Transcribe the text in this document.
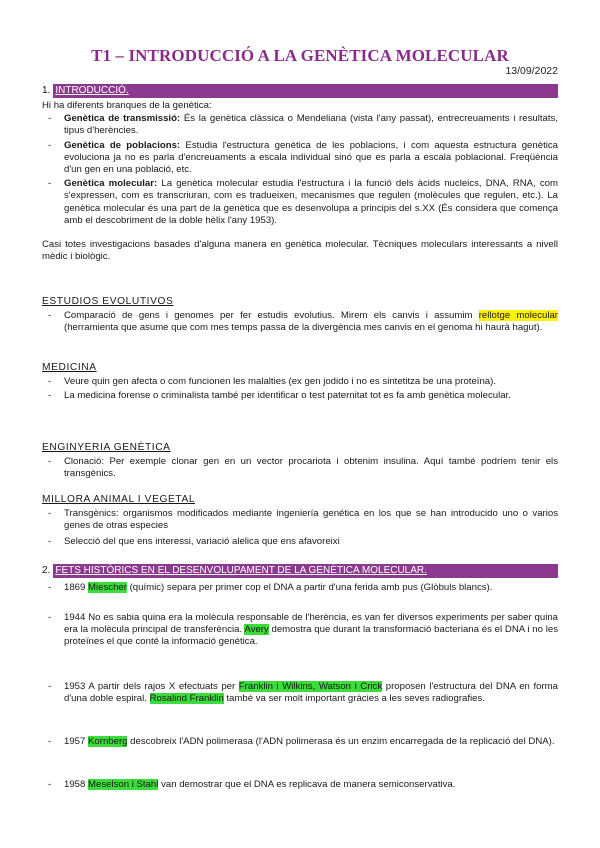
T1 – INTRODUCCIÓ A LA GENÈTICA MOLECULAR
13/09/2022
1. INTRODUCCIÓ.
Hi ha diferents branques de la genètica:
- Genètica de transmissió: És la genètica clàssica o Mendeliana (vista l'any passat), entrecreuaments i resultats, tipus d'herències.
- Genètica de poblacions: Estudia l'estructura genètica de les poblacions, i com aquesta estructura genètica evoluciona ja no es parla d'encreuaments a escala individual sinó que es parla a escala poblacional. Freqüència d'un gen en una població, etc.
- Genètica molecular: La genètica molecular estudia l'estructura i la funció dels àcids nucleics, DNA, RNA, com s'expressen, com es transcriuran, com es tradueixen, mecanismes que regulen (molècules que regulen, etc.). La genètica molecular és una part de la genètica que es desenvolupa a principis del s.XX (És considera que comença amb el descobriment de la doble hèlix l'any 1953).
Casi totes investigacions basades d'alguna manera en genètica molecular. Tècniques moleculars interessants a nivell mèdic i biològic.
ESTUDIOS EVOLUTIVOS
- Comparació de gens i genomes per fer estudis evolutius. Mirem els canvis i assumim rellotge molecular (herramienta que asume que com mes temps passa de la divergència mes canvis en el genoma hi haurà hagut).
MEDICINA
- Veure quin gen afecta o com funcionen les malalties (ex gen jodido i no es sintetitza be una proteïna).
- La medicina forense o criminalista també per identificar o test paternitat tot es fa amb genètica molecular.
ENGINYERIA GENÈTICA
- Clonació: Per exemple clonar gen en un vector procariota i obtenim insulina. Aquí també podríem tenir els transgènics.
MILLORA ANIMAL I VEGETAL
- Transgènics: organismos modificados mediante ingeniería genética en los que se han introducido uno o varios genes de otras especies
- Selecció del que ens interessi, variació alelica que ens afavoreixi
2. FETS HISTÒRICS EN EL DESENVOLUPAMENT DE LA GENÈTICA MOLECULAR.
- 1869 Miescher (químic) separa per primer cop el DNA a partir d'una ferida amb pus (Glòbuls blancs).
- 1944 No es sabia quina era la molècula responsable de l'herència, es van fer diversos experiments per saber quina era la molècula principal de transferència. Avery demostra que durant la transformació bacteriana és el DNA i no les proteïnes el que conté la informació genètica.
- 1953 A partir dels rajos X efectuats per Franklin i Wilkins, Watson i Crick proposen l'estructura del DNA en forma d'una doble espiral. Rosalind Franklin també va ser molt important gràcies a les seves radiografies.
- 1957 Kornberg descobreix l'ADN polimerasa (l'ADN polimerasa és un enzim encarregada de la replicació del DNA).
- 1958 Meselson i Stahl van demostrar que el DNA es replicava de manera semiconservativa.
